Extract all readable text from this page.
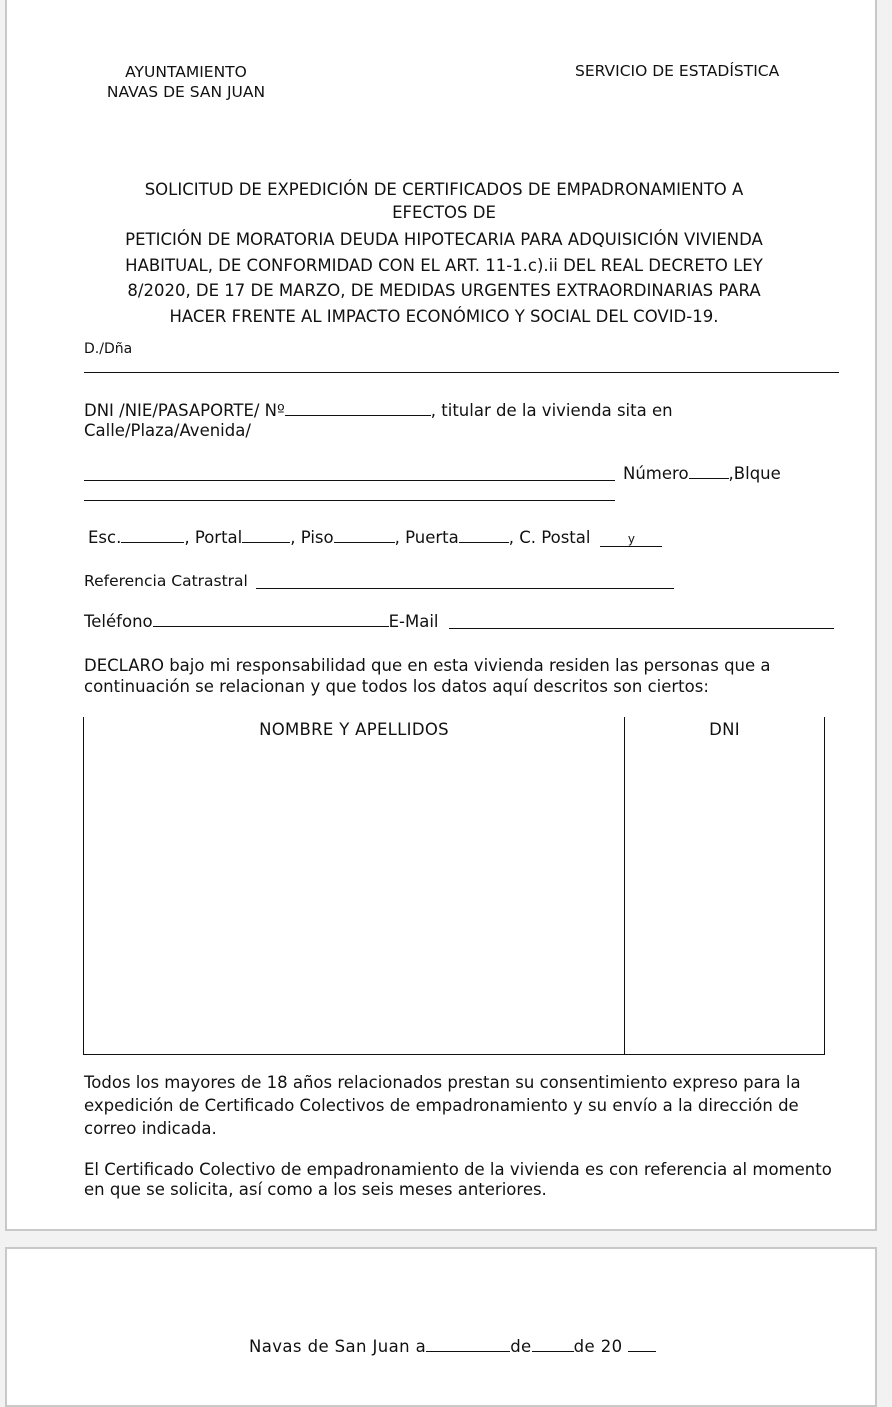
AYUNTAMIENTO

NAVAS DE SAN JUAN

SERVICIO DE ESTADÍSTICA

SOLICITUD DE EXPEDICIÓN DE CERTIFICADOS DE EMPADRONAMIENTO A
EFECTOS DE
PETICIÓN DE MORATORIA DEUDA HIPOTECARIA PARA ADQUISICIÓN VIVIENDA
HABITUAL, DE CONFORMIDAD CON EL ART. 11-1.c).ii DEL REAL DECRETO LEY
8/2020, DE 17 DE MARZO, DE MEDIDAS URGENTES EXTRAORDINARIAS PARA
HACER FRENTE AL IMPACTO ECONÓMICO Y SOCIAL DEL COVID-19.

D./Dña

DNI /NIE/PASAPORTE/ Nº	, titular de la vivienda sita en

Calle/Plaza/Avenida/

Número ,Blque

Esc.	, Portal	, Piso	, Puerta	, C. Postal	y

Referencia Catrastral

Teléfono	E-Mail

DECLARO bajo mi responsabilidad que en esta vivienda residen las personas que a
continuación se relacionan y que todos los datos aquí descritos son ciertos:
NOMBRE Y APELLIDOS	DNI

Todos los mayores de 18 años relacionados prestan su consentimiento expreso para la
expedición de Certificado Colectivos de empadronamiento y su envío a la dirección de
correo indicada.
El Certificado Colectivo de empadronamiento de la vivienda es con referencia al momento
en que se solicita, así como a los seis meses anteriores.

Navas de San Juan a	de	de 20
